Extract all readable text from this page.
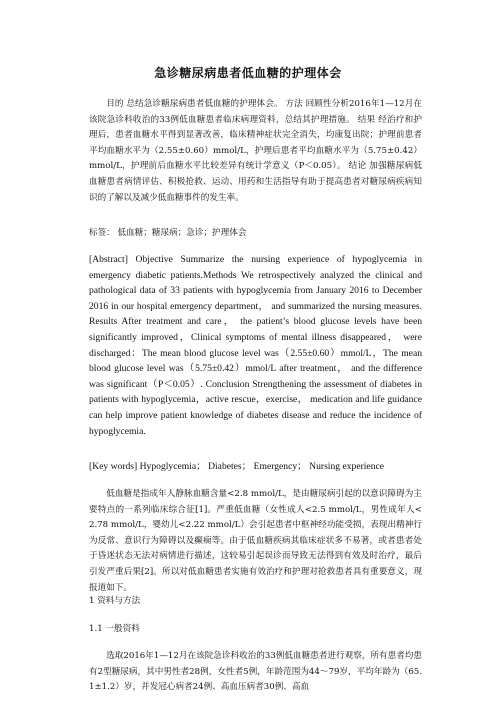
急诊糖尿病患者低血糖的护理体会

目的 总结急诊糖尿病患者低血糖的护理体会。 方法 回顾性分析2016年1—12月在该院急诊科收治的33例低血糖患者临床病理资料，总结其护理措施。 结果 经治疗和护理后，患者血糖水平得到显著改善，临床精神症状完全消失，均康复出院；护理前患者平均血糖水平为（2.55±0.60）mmol/L，护理后患者平均血糖水平为（5.75±0.42）mmol/L，护理前后血糖水平比较差异有统计学意义（P＜0.05）。 结论 加强糖尿病低血糖患者病情评估、积极抢救、运动、用药和生活指导有助于提高患者对糖尿病疾病知识的了解以及减少低血糖事件的发生率。

标签： 低血糖；糖尿病；急诊；护理体会

[Abstract] Objective Summarize the nursing experience of hypoglycemia in emergency diabetic patients.Methods We retrospectively analyzed the clinical and pathological data of 33 patients with hypoglycemia from January 2016 to December 2016 in our hospital emergency department， and summarized the nursing measures. Results After treatment and care， the patient’s blood glucose levels have been significantly improved，Clinical symptoms of mental illness disappeared， were discharged：The mean blood glucose level was（2.55±0.60）mmol/L，The mean blood glucose level was（5.75±0.42）mmol/L after treatment， and the difference was significant（P＜0.05）. Conclusion Strengthening the assessment of diabetes in patients with hypoglycemia，active rescue，exercise， medication and life guidance can help improve patient knowledge of diabetes disease and reduce the incidence of hypoglycemia.

[Key words] Hypoglycemia； Diabetes； Emergency； Nursing experience

低血糖是指成年人静脉血糖含量<2.8 mmol/L，是由糖尿病引起的以意识障碍为主要特点的一系列临床综合征[1]。严重低血糖（女性成人<2.5 mmol/L，男性成年人<2.78 mmol/L，婴幼儿<2.22 mmol/L）会引起患者中枢神经功能受损，表现出精神行为反常、意识行为障碍以及癫痫等。由于低血糖疾病其临床症状多不易著，或者患者处于昏迷状态无法对病情进行描述，这较易引起误诊而导致无法得到有效及时治疗，最后引发严重后果[2]。所以对低血糖患者实施有效治疗和护理对抢救患者具有重要意义，现报道如下。

1 资料与方法

1.1 一般资料

选取2016年1—12月在该院急诊科收治的33例低血糖患者进行观察，所有患者均患有2型糖尿病，其中男性者28例，女性者5例，年龄范围为44～79岁，平均年龄为（65.1±1.2）岁，并发冠心病者24例、高血压病者30例、高血
